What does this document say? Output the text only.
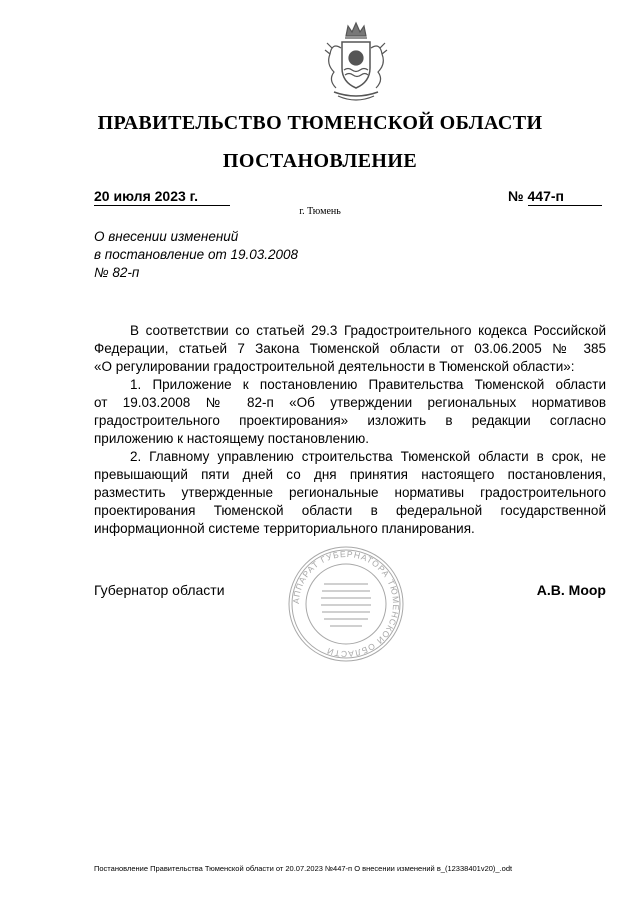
ПРАВИТЕЛЬСТВО ТЮМЕНСКОЙ ОБЛАСТИ
ПОСТАНОВЛЕНИЕ
20 июля 2023 г.	№ 447-п
г. Тюмень
О внесении изменений
в постановление от 19.03.2008
№ 82-п
В соответствии со статьей 29.3 Градостроительного кодекса Российской
Федерации, статьей 7 Закона Тюменской области от 03.06.2005 № 385
«О регулировании градостроительной деятельности в Тюменской области»:
1. Приложение к постановлению Правительства Тюменской области
от 19.03.2008 № 82-п «Об утверждении региональных нормативов
градостроительного проектирования» изложить в редакции согласно
приложению к настоящему постановлению.
2. Главному управлению строительства Тюменской области в срок, не
превышающий пяти дней со дня принятия настоящего постановления,
разместить утвержденные региональные нормативы градостроительного
проектирования Тюменской области в федеральной государственной
информационной системе территориального планирования.
АППАРАТ ГУБЕРНАТОРА ТЮМЕНСКОЙ ОБЛАСТИ
Губернатор области	А.В. Моор
Постановление Правительства Тюменской области от 20.07.2023 №447-п О внесении изменений в_(12338401v20)_.odt
